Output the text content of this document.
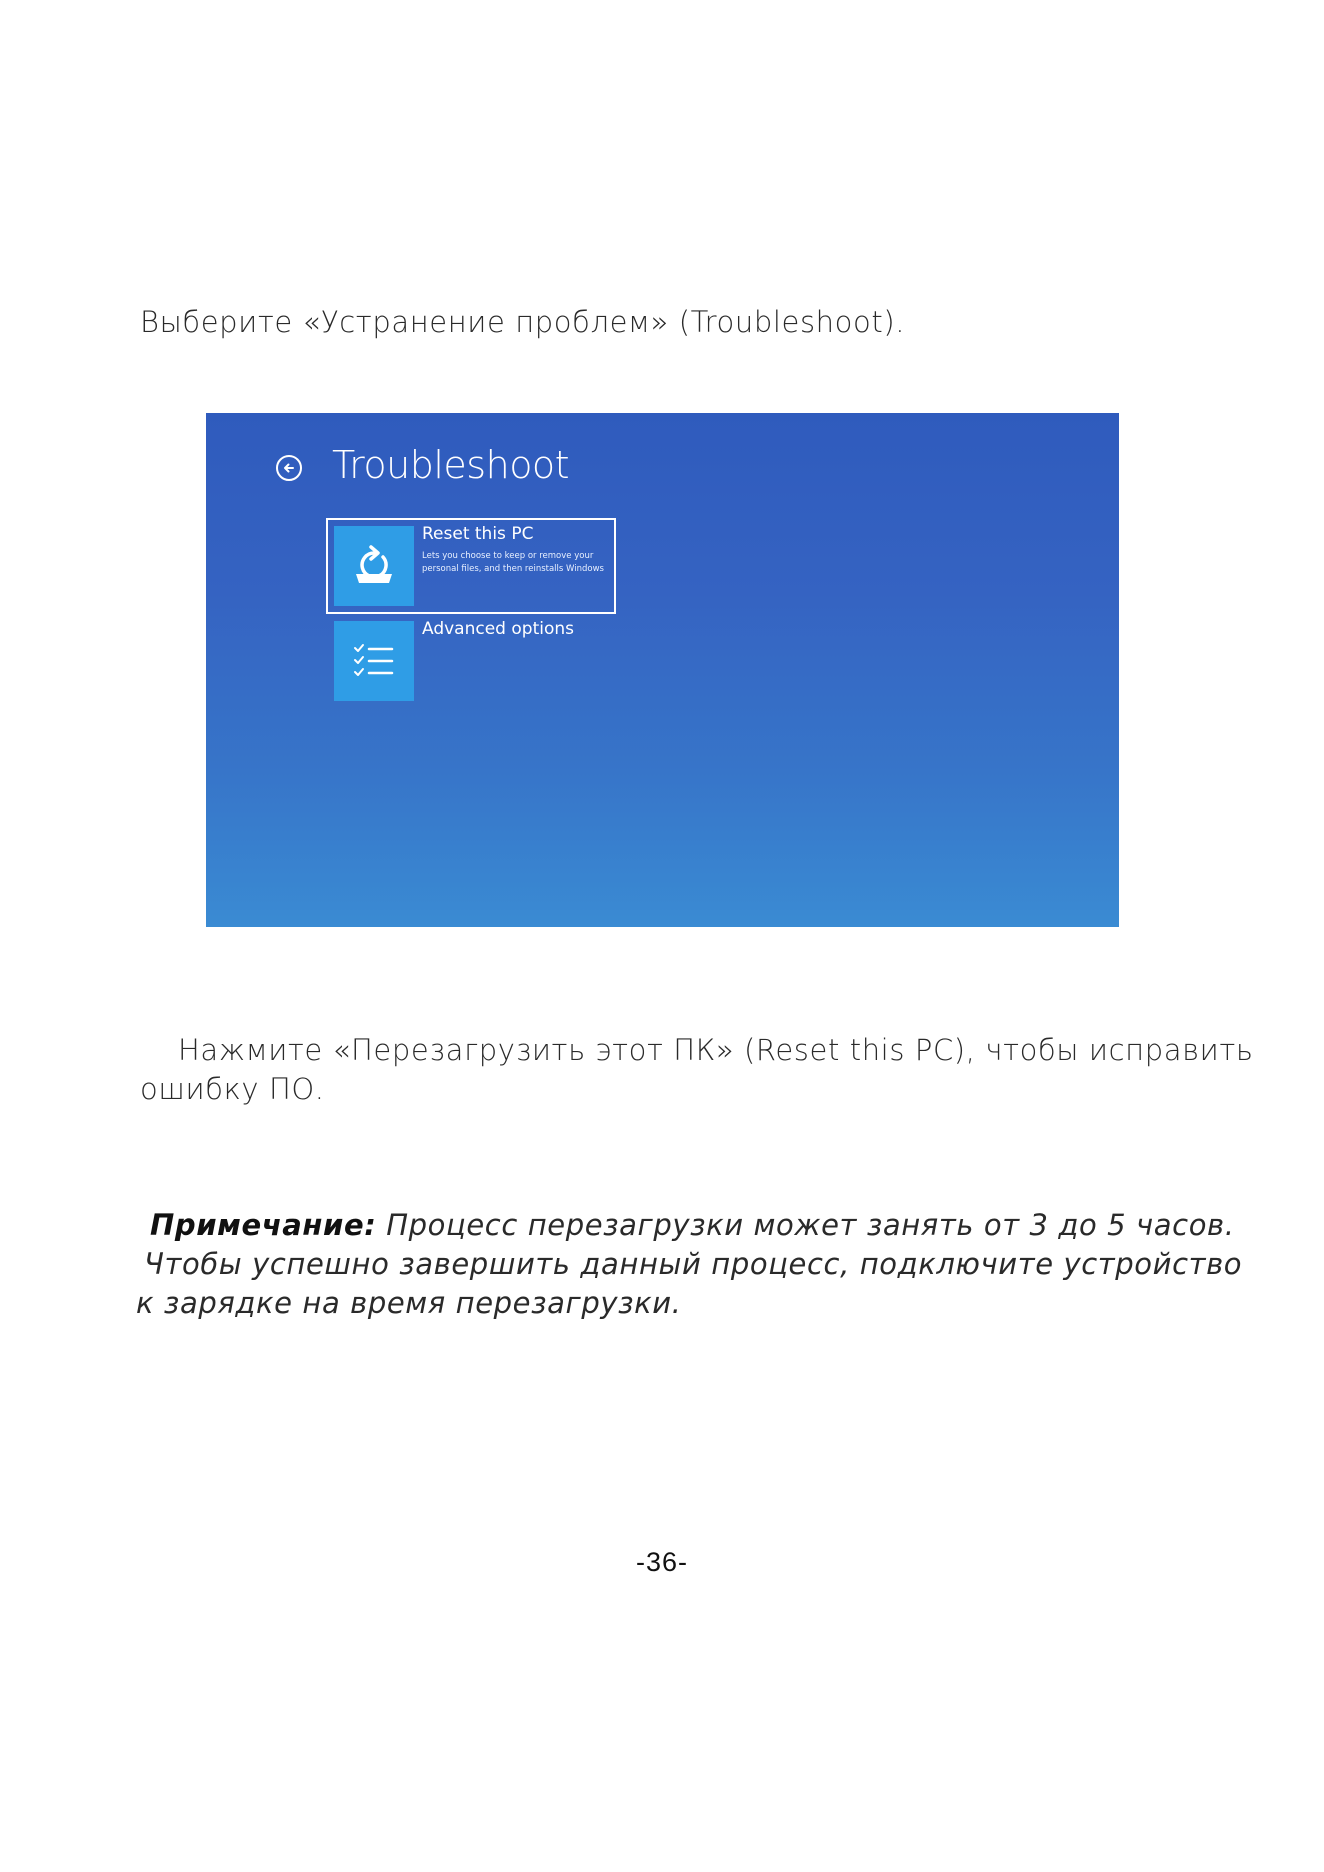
Выберите «Устранение проблем» (Troubleshoot).

Troubleshoot
Reset this PC
Lets you choose to keep or remove your personal files, and then reinstalls Windows
Advanced options

Нажмите «Перезагрузить этот ПК» (Reset this PC), чтобы исправить
ошибку ПО.

Примечание: Процесс перезагрузки может занять от 3 до 5 часов.
Чтобы успешно завершить данный процесс, подключите устройство
к зарядке на время перезагрузки.

-36-
